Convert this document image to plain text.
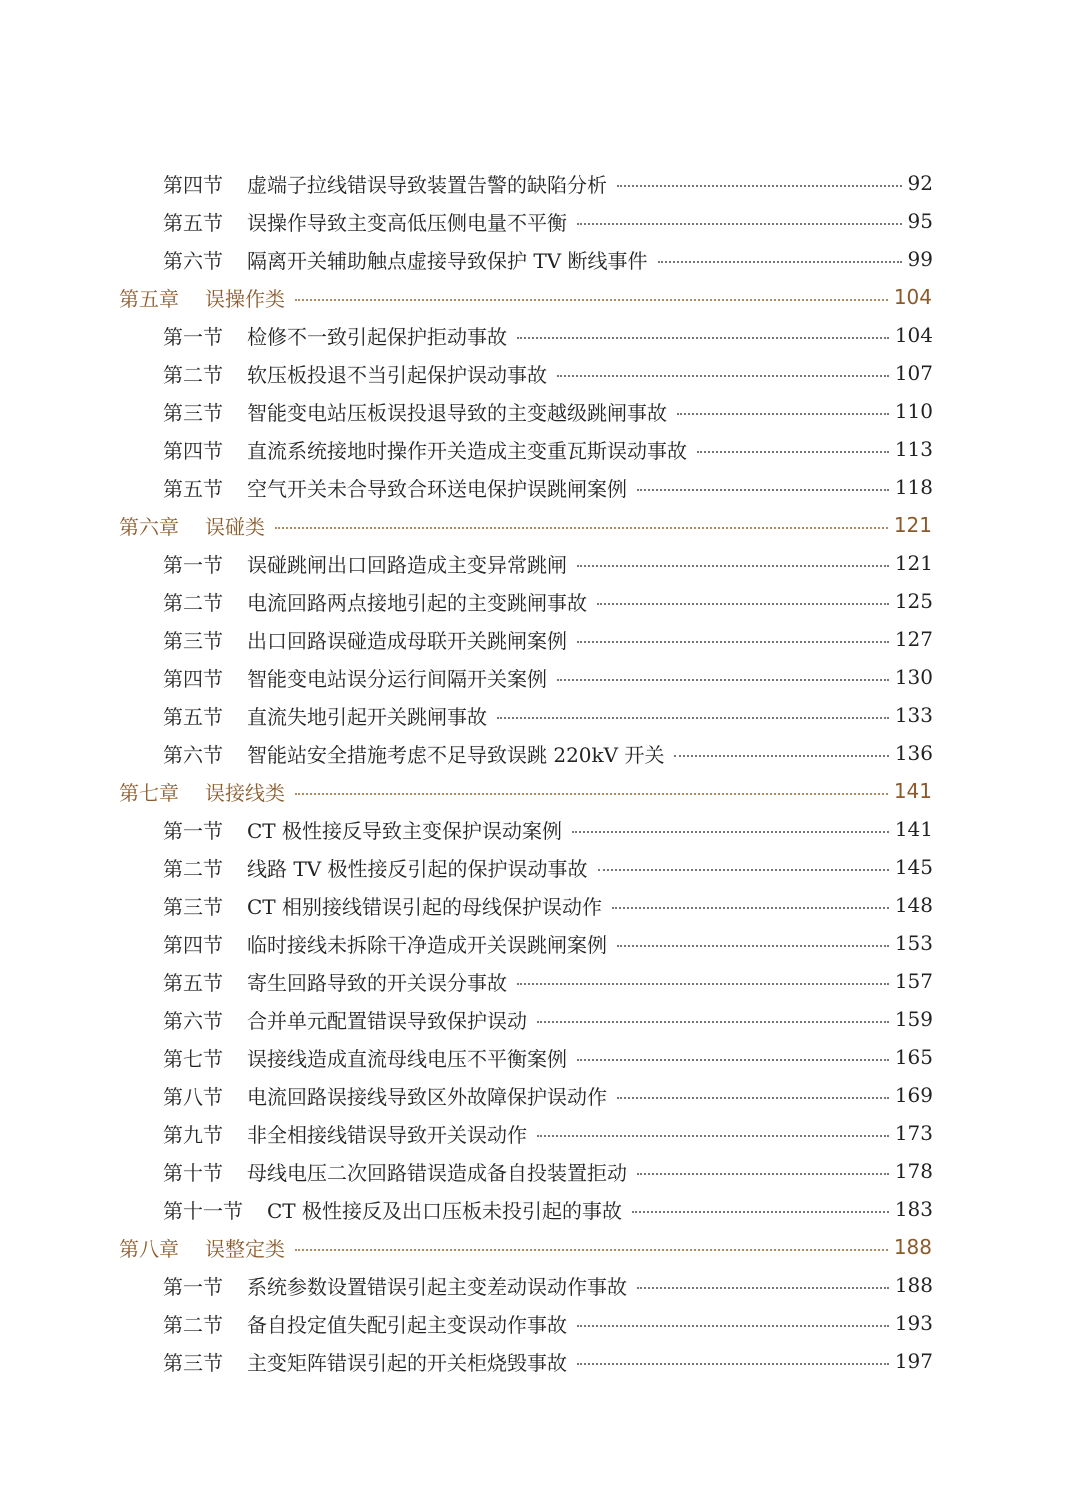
第四节	虚端子拉线错误导致装置告警的缺陷分析	92
第五节	误操作导致主变高低压侧电量不平衡	95
第六节	隔离开关辅助触点虚接导致保护 TV 断线事件	99
第五章	误操作类	104
第一节	检修不一致引起保护拒动事故	104
第二节	软压板投退不当引起保护误动事故	107
第三节	智能变电站压板误投退导致的主变越级跳闸事故	110
第四节	直流系统接地时操作开关造成主变重瓦斯误动事故	113
第五节	空气开关未合导致合环送电保护误跳闸案例	118
第六章	误碰类	121
第一节	误碰跳闸出口回路造成主变异常跳闸	121
第二节	电流回路两点接地引起的主变跳闸事故	125
第三节	出口回路误碰造成母联开关跳闸案例	127
第四节	智能变电站误分运行间隔开关案例	130
第五节	直流失地引起开关跳闸事故	133
第六节	智能站安全措施考虑不足导致误跳 220kV 开关	136
第七章	误接线类	141
第一节	CT 极性接反导致主变保护误动案例	141
第二节	线路 TV 极性接反引起的保护误动事故	145
第三节	CT 相别接线错误引起的母线保护误动作	148
第四节	临时接线未拆除干净造成开关误跳闸案例	153
第五节	寄生回路导致的开关误分事故	157
第六节	合并单元配置错误导致保护误动	159
第七节	误接线造成直流母线电压不平衡案例	165
第八节	电流回路误接线导致区外故障保护误动作	169
第九节	非全相接线错误导致开关误动作	173
第十节	母线电压二次回路错误造成备自投装置拒动	178
第十一节	CT 极性接反及出口压板未投引起的事故	183
第八章	误整定类	188
第一节	系统参数设置错误引起主变差动误动作事故	188
第二节	备自投定值失配引起主变误动作事故	193
第三节	主变矩阵错误引起的开关柜烧毁事故	197
